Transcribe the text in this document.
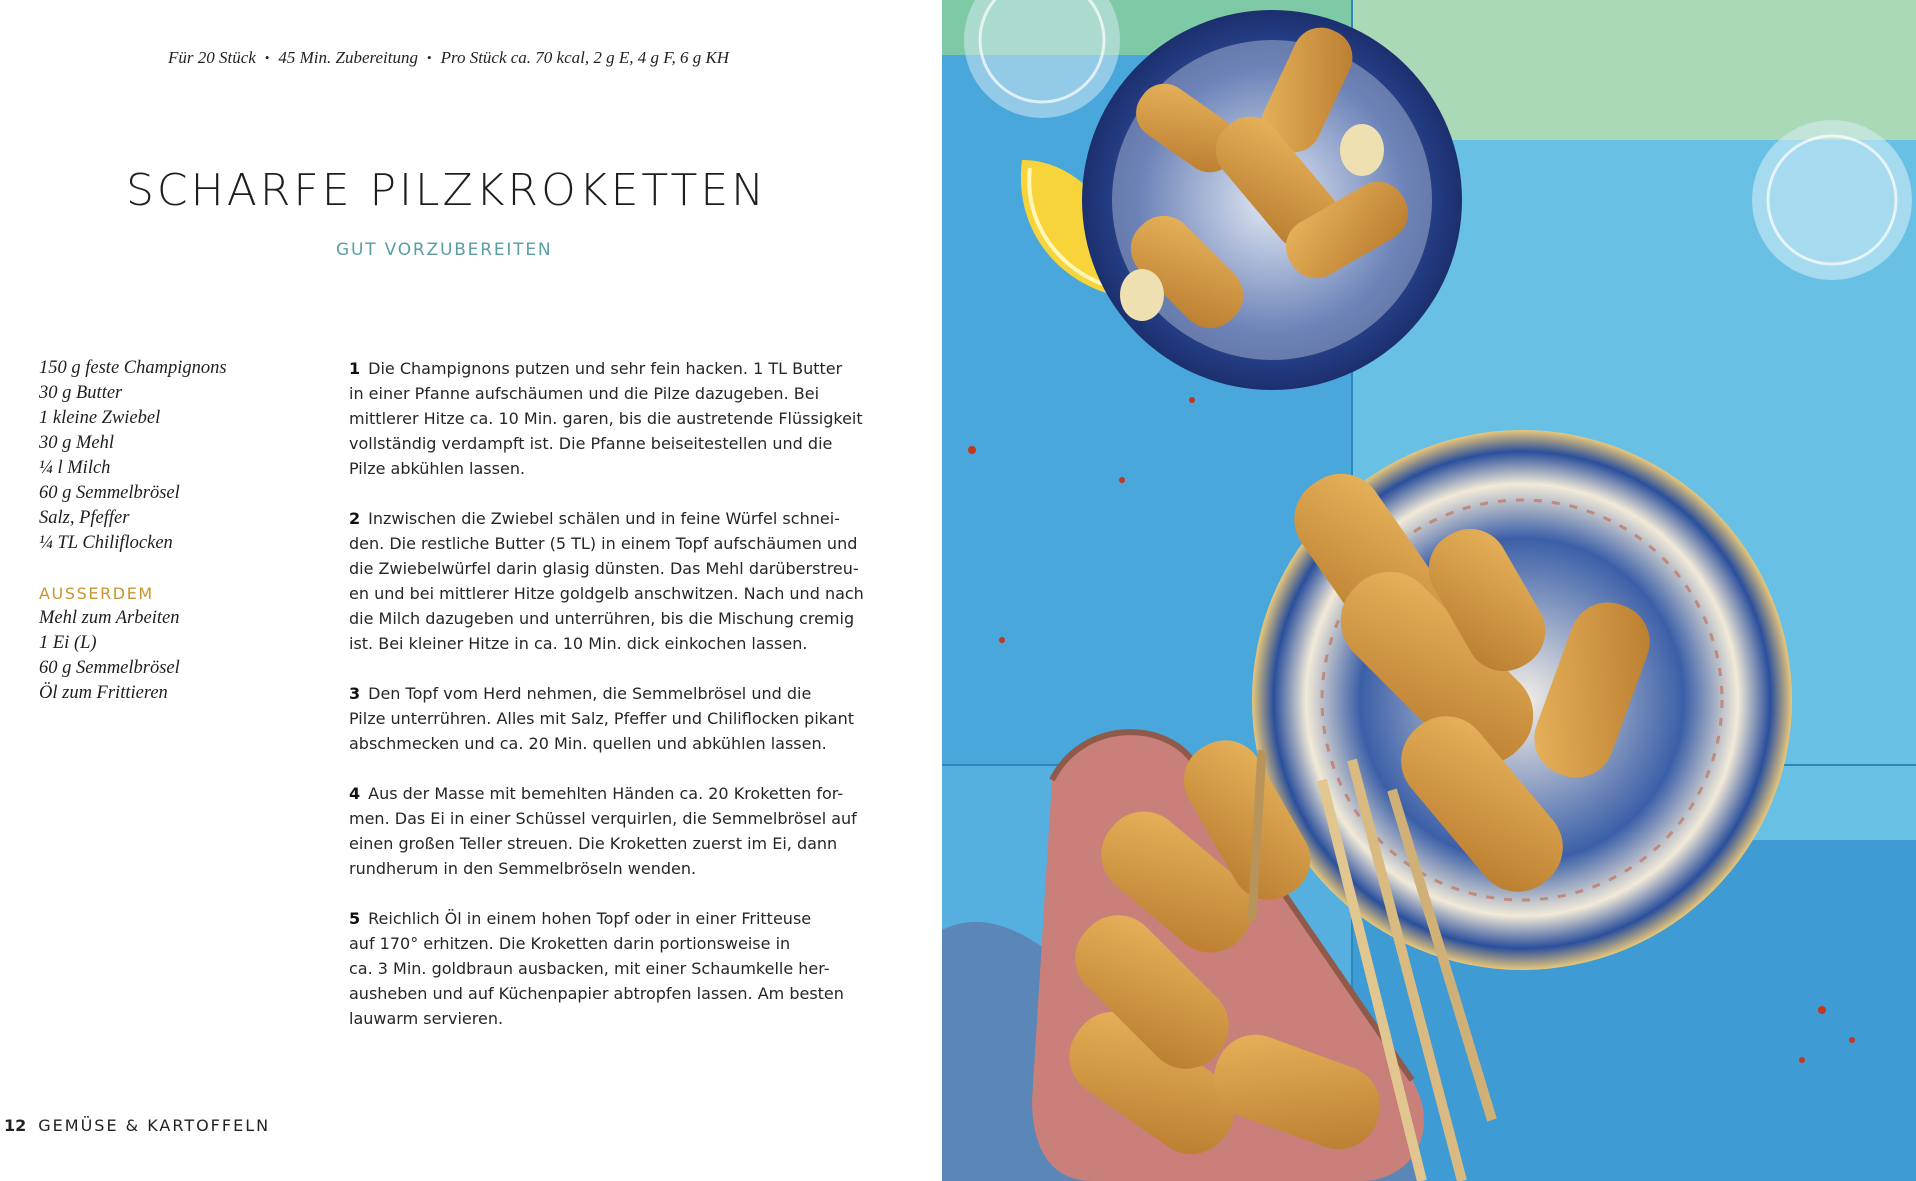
Für 20 Stück • 45 Min. Zubereitung • Pro Stück ca. 70 kcal, 2 g E, 4 g F, 6 g KH
SCHARFE PILZKROKETTEN
GUT VORZUBEREITEN
150 g feste Champignons
30 g Butter
1 kleine Zwiebel
30 g Mehl
¼ l Milch
60 g Semmelbrösel
Salz, Pfeffer
¼ TL Chiliflocken
AUSSERDEM
Mehl zum Arbeiten
1 Ei (L)
60 g Semmelbrösel
Öl zum Frittieren
1 Die Champignons putzen und sehr fein hacken. 1 TL Butter
in einer Pfanne aufschäumen und die Pilze dazugeben. Bei
mittlerer Hitze ca. 10 Min. garen, bis die austretende Flüssigkeit
vollständig verdampft ist. Die Pfanne beiseitestellen und die
Pilze abkühlen lassen.
2 Inzwischen die Zwiebel schälen und in feine Würfel schnei-
den. Die restliche Butter (5 TL) in einem Topf aufschäumen und
die Zwiebelwürfel darin glasig dünsten. Das Mehl darüberstreu-
en und bei mittlerer Hitze goldgelb anschwitzen. Nach und nach
die Milch dazugeben und unterrühren, bis die Mischung cremig
ist. Bei kleiner Hitze in ca. 10 Min. dick einkochen lassen.
3 Den Topf vom Herd nehmen, die Semmelbrösel und die
Pilze unterrühren. Alles mit Salz, Pfeffer und Chiliflocken pikant
abschmecken und ca. 20 Min. quellen und abkühlen lassen.
4 Aus der Masse mit bemehlten Händen ca. 20 Kroketten for-
men. Das Ei in einer Schüssel verquirlen, die Semmelbrösel auf
einen großen Teller streuen. Die Kroketten zuerst im Ei, dann
rundherum in den Semmelbröseln wenden.
5 Reichlich Öl in einem hohen Topf oder in einer Fritteuse
auf 170° erhitzen. Die Kroketten darin portionsweise in
ca. 3 Min. goldbraun ausbacken, mit einer Schaumkelle her-
ausheben und auf Küchenpapier abtropfen lassen. Am besten
lauwarm servieren.
12 GEMÜSE & KARTOFFELN
